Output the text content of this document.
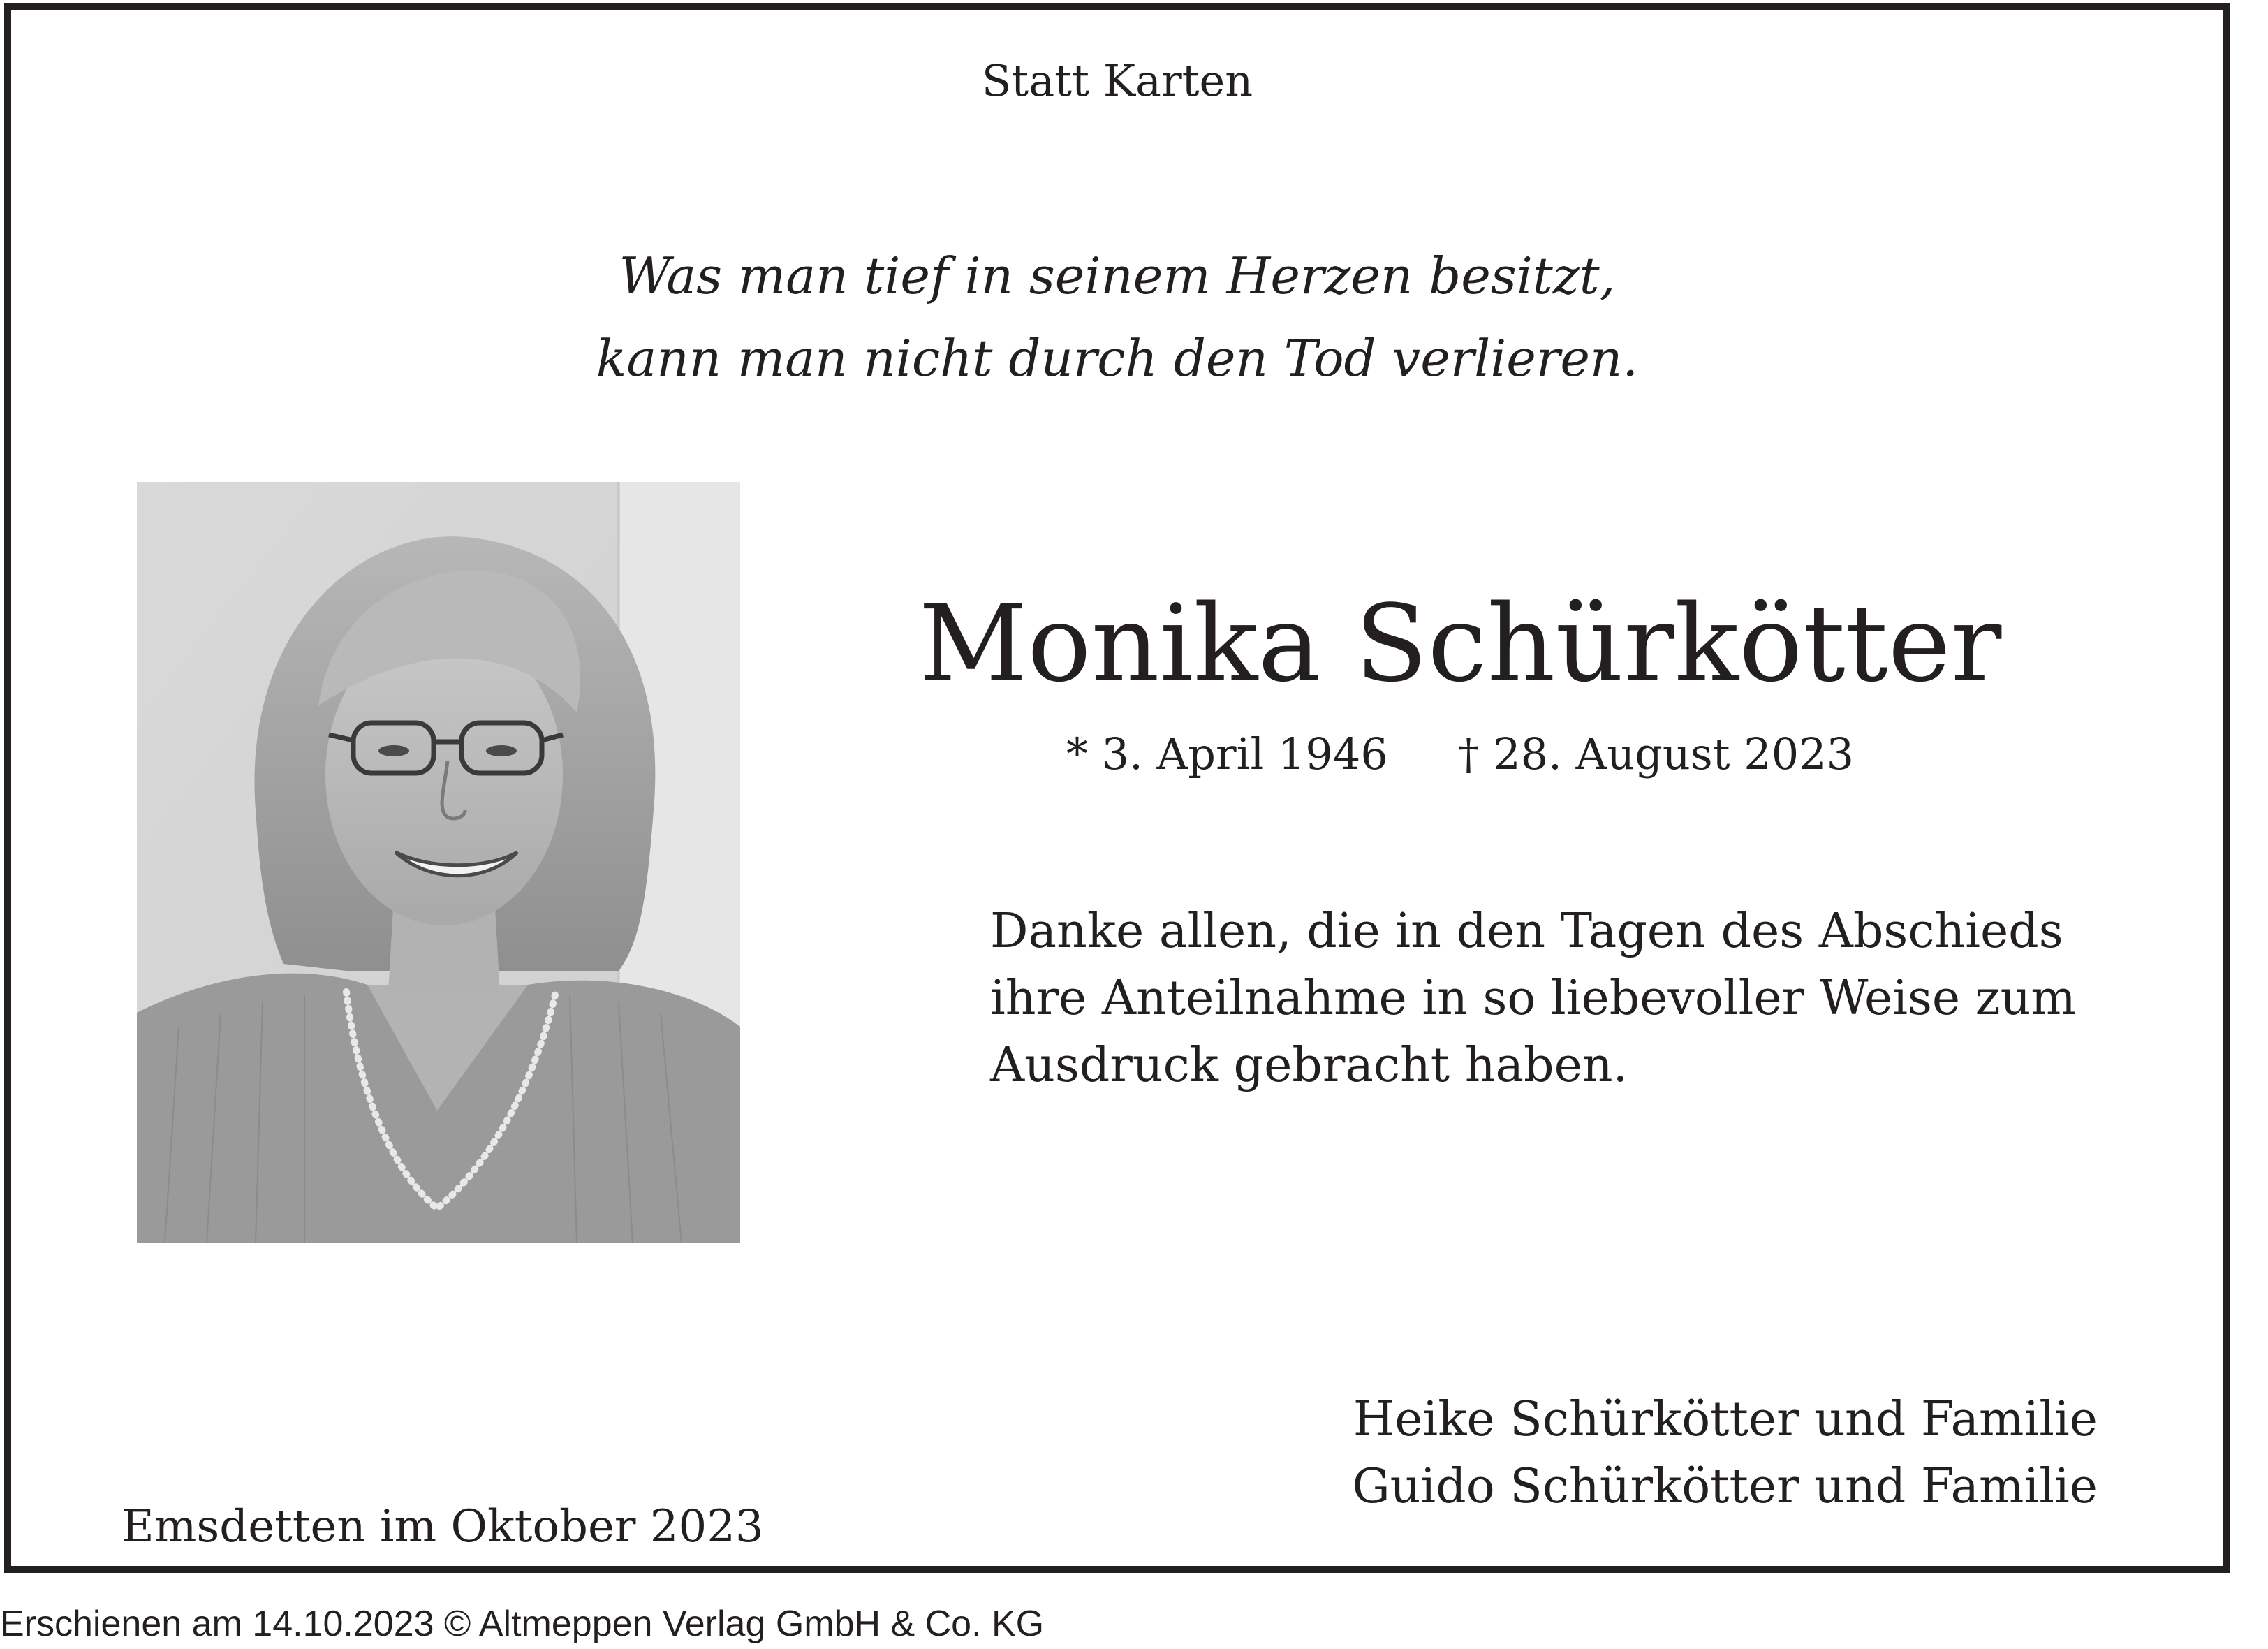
Statt Karten
Was man tief in seinem Herzen besitzt,
kann man nicht durch den Tod verlieren.
Monika Schürkötter
* 3. April 1946 † 28. August 2023
Danke allen, die in den Tagen des Abschieds
ihre Anteilnahme in so liebevoller Weise zum
Ausdruck gebracht haben.
Heike Schürkötter und Familie
Guido Schürkötter und Familie
Emsdetten im Oktober 2023
Erschienen am 14.10.2023 © Altmeppen Verlag GmbH & Co. KG
